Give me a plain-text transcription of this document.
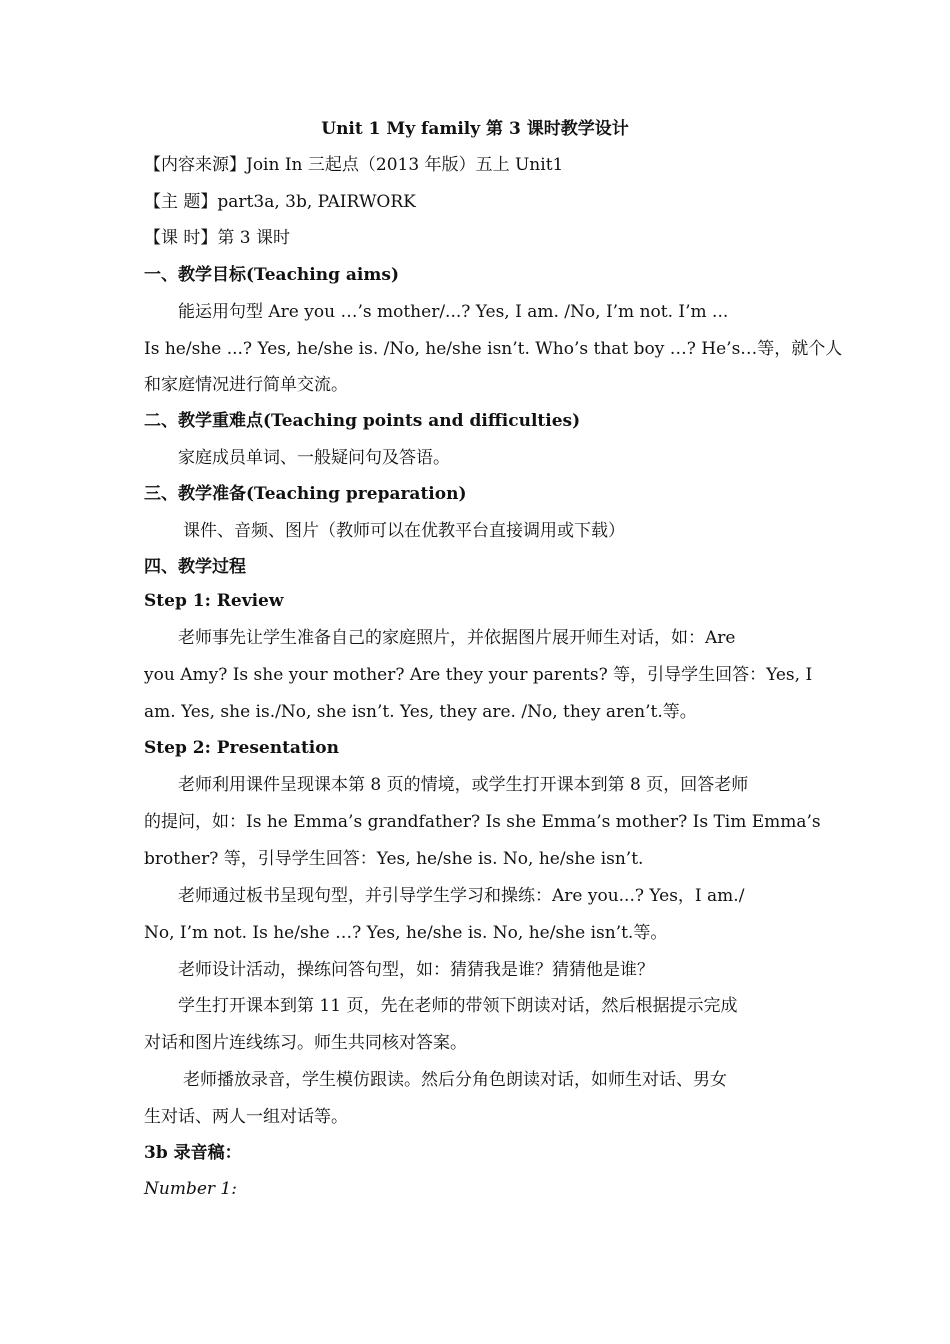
Unit 1 My family 第 3 课时教学设计
【内容来源】Join In 三起点（2013 年版）五上 Unit1
【主 题】part3a, 3b, PAIRWORK
【课 时】第 3 课时
一、教学目标(Teaching aims)
能运用句型 Are you …’s mother/...? Yes, I am. /No, I’m not. I’m ...
Is he/she ...? Yes, he/she is. /No, he/she isn’t. Who’s that boy …? He’s…等，就个人
和家庭情况进行简单交流。
二、教学重难点(Teaching points and difficulties)
家庭成员单词、一般疑问句及答语。
三、教学准备(Teaching preparation)
课件、音频、图片（教师可以在优教平台直接调用或下载）
四、教学过程
Step 1: Review
老师事先让学生准备自己的家庭照片，并依据图片展开师生对话，如：Are
you Amy? Is she your mother? Are they your parents? 等，引导学生回答：Yes, I
am. Yes, she is./No, she isn’t. Yes, they are. /No, they aren’t.等。
Step 2: Presentation
老师利用课件呈现课本第 8 页的情境，或学生打开课本到第 8 页，回答老师
的提问，如：Is he Emma’s grandfather? Is she Emma’s mother? Is Tim Emma’s
brother? 等，引导学生回答：Yes, he/she is. No, he/she isn’t.
老师通过板书呈现句型，并引导学生学习和操练：Are you...? Yes，I am./
No, I’m not. Is he/she …? Yes, he/she is. No, he/she isn’t.等。
老师设计活动，操练问答句型，如：猜猜我是谁？猜猜他是谁？
学生打开课本到第 11 页，先在老师的带领下朗读对话，然后根据提示完成
对话和图片连线练习。师生共同核对答案。
老师播放录音，学生模仿跟读。然后分角色朗读对话，如师生对话、男女
生对话、两人一组对话等。
3b 录音稿：
Number 1:
